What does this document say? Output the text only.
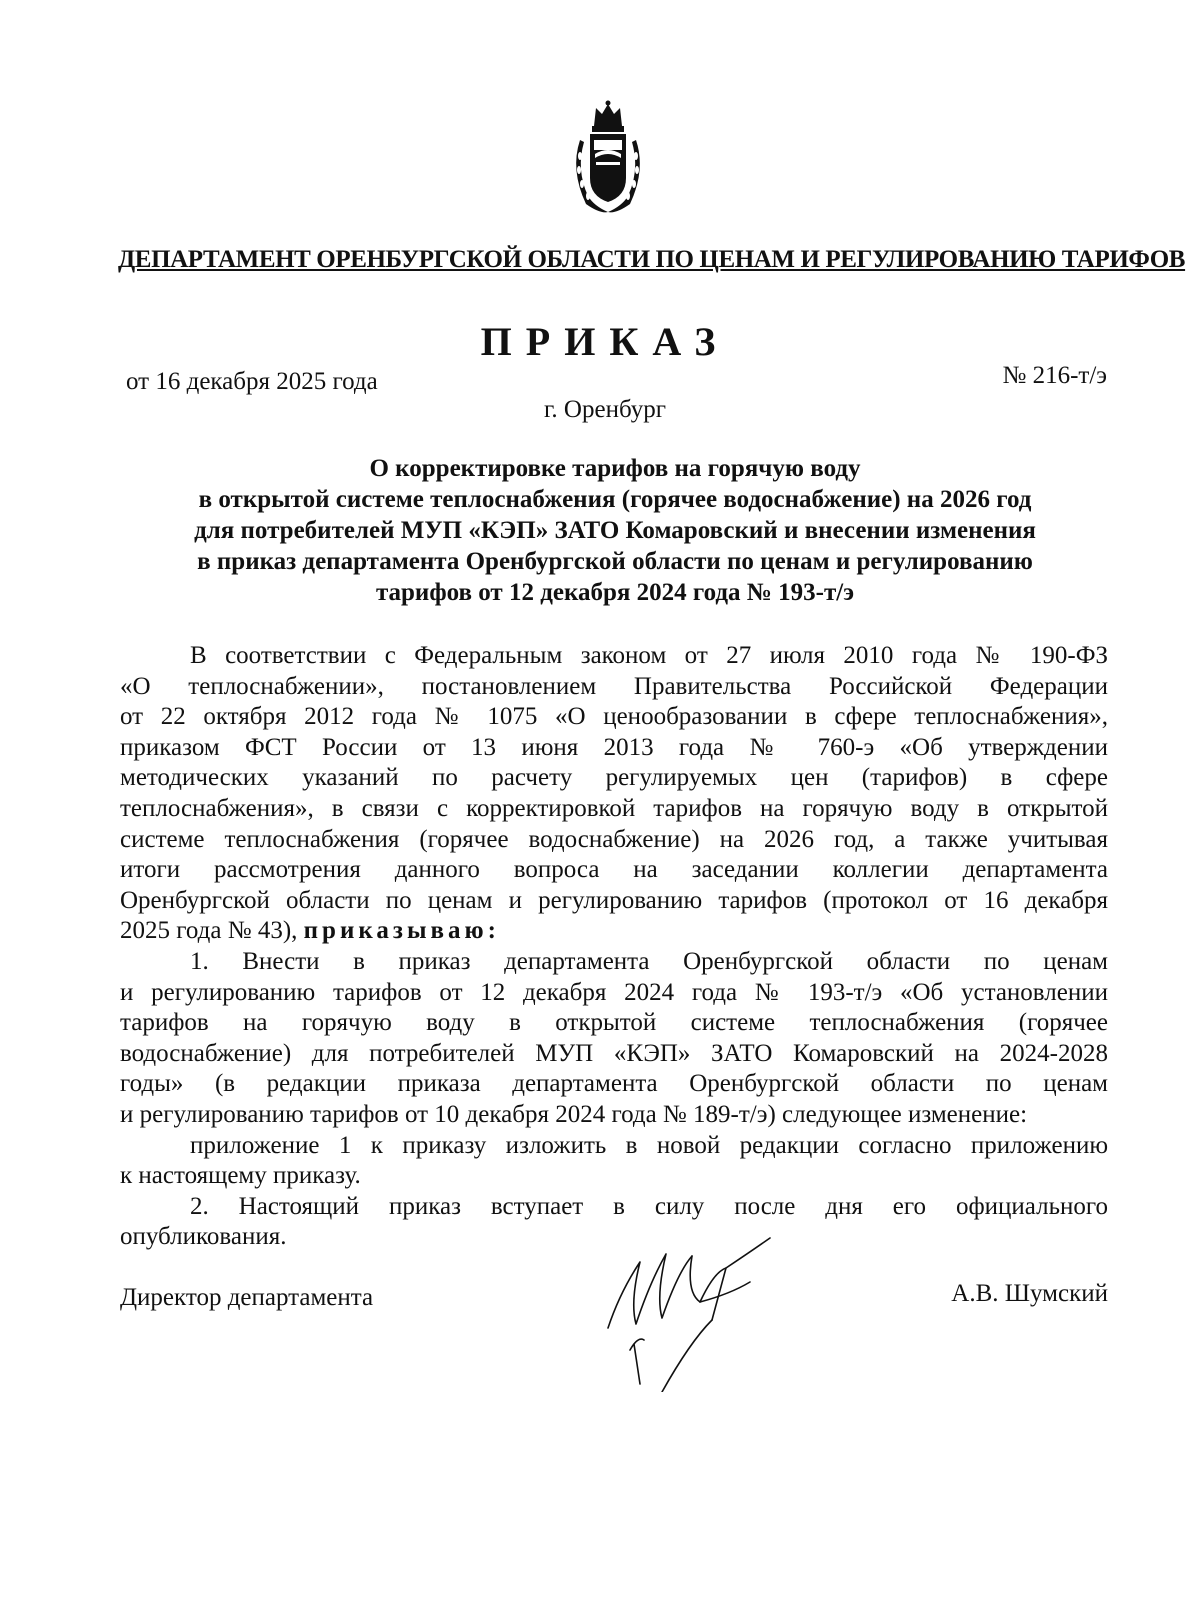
ДЕПАРТАМЕНТ ОРЕНБУРГСКОЙ ОБЛАСТИ ПО ЦЕНАМ И РЕГУЛИРОВАНИЮ ТАРИФОВ
ПРИКАЗ
от 16 декабря 2025 года	№ 216-т/э
г. Оренбург
О корректировке тарифов на горячую воду
в открытой системе теплоснабжения (горячее водоснабжение) на 2026 год
для потребителей МУП «КЭП» ЗАТО Комаровский и внесении изменения
в приказ департамента Оренбургской области по ценам и регулированию
тарифов от 12 декабря 2024 года № 193-т/э
В соответствии с Федеральным законом от 27 июля 2010 года № 190-ФЗ
«О теплоснабжении», постановлением Правительства Российской Федерации
от 22 октября 2012 года № 1075 «О ценообразовании в сфере теплоснабжения»,
приказом ФСТ России от 13 июня 2013 года № 760-э «Об утверждении
методических указаний по расчету регулируемых цен (тарифов) в сфере
теплоснабжения», в связи с корректировкой тарифов на горячую воду в открытой
системе теплоснабжения (горячее водоснабжение) на 2026 год, а также учитывая
итоги рассмотрения данного вопроса на заседании коллегии департамента
Оренбургской области по ценам и регулированию тарифов (протокол от 16 декабря
2025 года № 43), приказываю:
1. Внести в приказ департамента Оренбургской области по ценам
и регулированию тарифов от 12 декабря 2024 года № 193-т/э «Об установлении
тарифов на горячую воду в открытой системе теплоснабжения (горячее
водоснабжение) для потребителей МУП «КЭП» ЗАТО Комаровский на 2024-2028
годы» (в редакции приказа департамента Оренбургской области по ценам
и регулированию тарифов от 10 декабря 2024 года № 189-т/э) следующее изменение:
приложение 1 к приказу изложить в новой редакции согласно приложению
к настоящему приказу.
2. Настоящий приказ вступает в силу после дня его официального
опубликования.
Директор департамента	А.В. Шумский
